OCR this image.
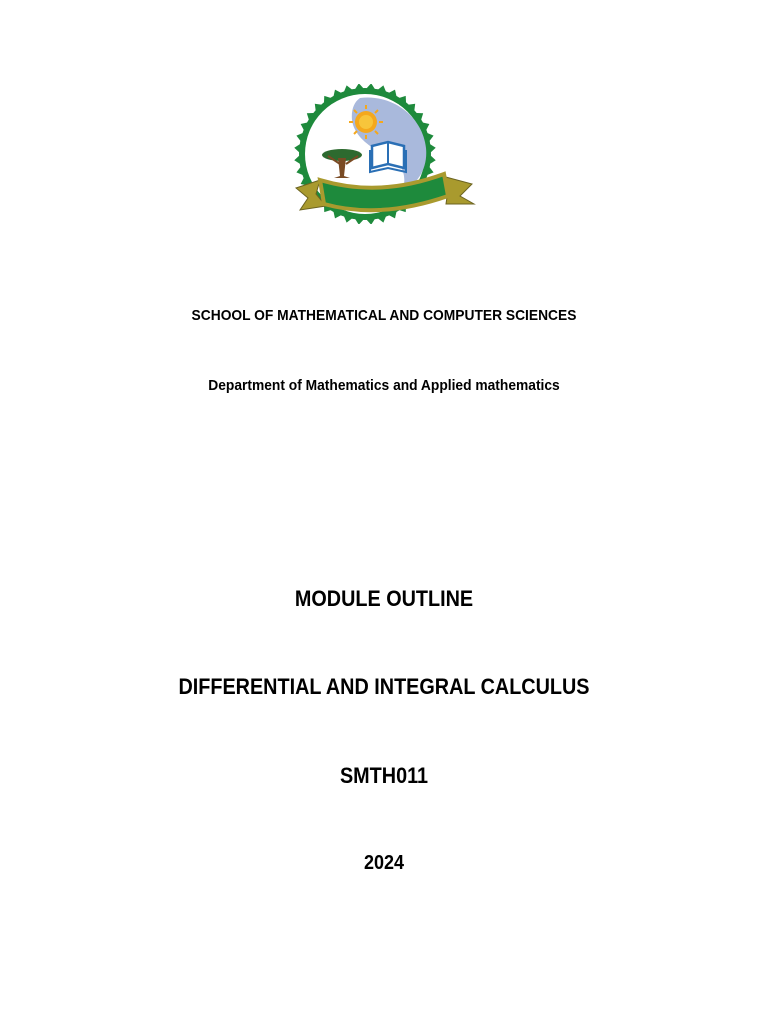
SCHOOL OF MATHEMATICAL AND COMPUTER SCIENCES
Department of Mathematics and Applied mathematics
MODULE OUTLINE
DIFFERENTIAL AND INTEGRAL CALCULUS
SMTH011
2024
